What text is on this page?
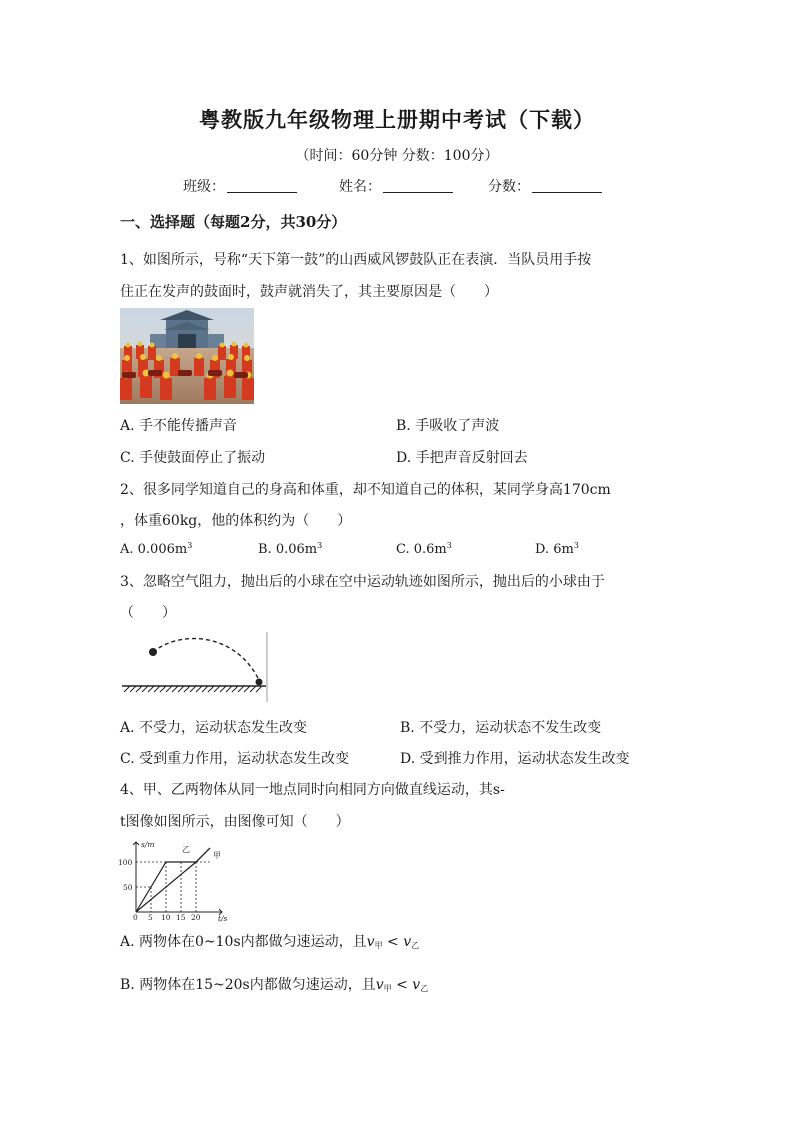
粤教版九年级物理上册期中考试（下载）
（时间：60分钟 分数：100分）
班级：	姓名：	分数：
一、选择题（每题2分，共30分）
1、如图所示，号称“天下第一鼓”的山西威风锣鼓队正在表演．当队员用手按
住正在发声的鼓面时，鼓声就消失了，其主要原因是（　　）
A. 手不能传播声音	B. 手吸收了声波
C. 手使鼓面停止了振动	D. 手把声音反射回去
2、很多同学知道自己的身高和体重，却不知道自己的体积，某同学身高170cm
，体重60kg，他的体积约为（　　）
A. $0.006m^3$	B. $0.06m^3$	C. $0.6m^3$	D. $6m^3$
3、忽略空气阻力，抛出后的小球在空中运动轨迹如图所示，抛出后的小球由于
（　　）
A. 不受力，运动状态发生改变	B. 不受力，运动状态不发生改变
C. 受到重力作用，运动状态发生改变	D. 受到推力作用，运动状态发生改变
4、甲、乙两物体从同一地点同时向相同方向做直线运动，其s-
t图像如图所示，由图像可知（　　）
甲
乙
s/m
t/s
100
50
0 5 10 15 20
A. 两物体在0~10s内都做匀速运动，且$v_甲 < v_乙$
B. 两物体在15~20s内都做匀速运动，且$v_甲 < v_乙$
